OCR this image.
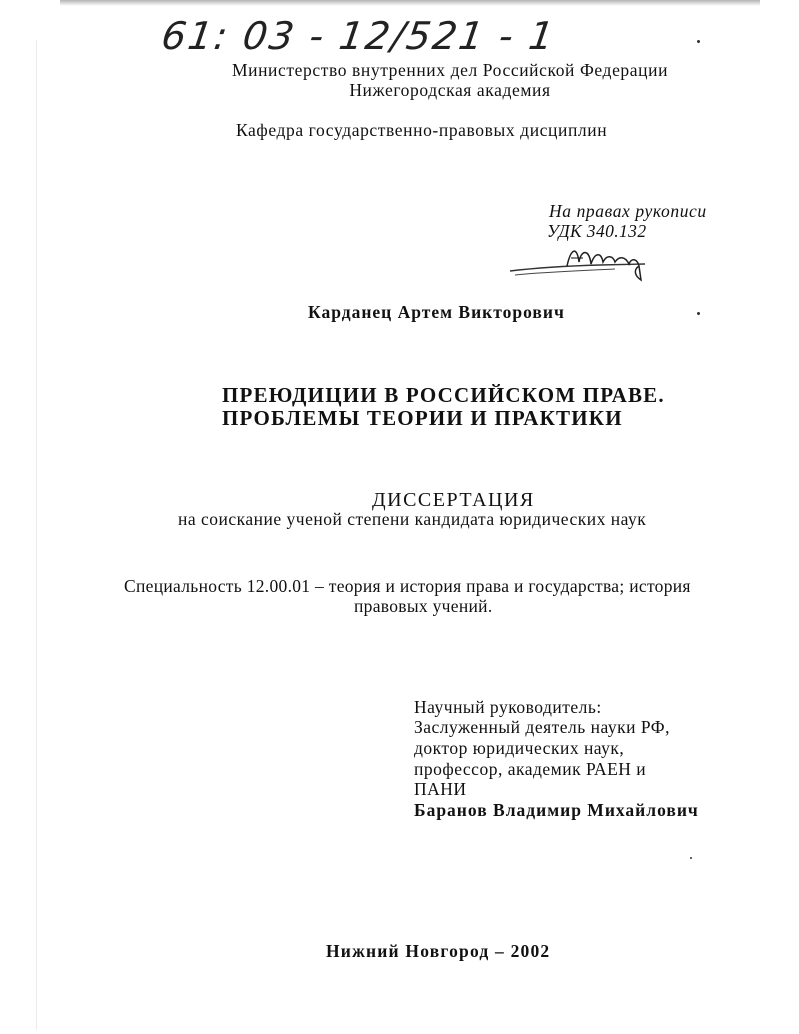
61: 03 - 12/521 - 1
Министерство внутренних дел Российской Федерации
Нижегородская академия
Кафедра государственно-правовых дисциплин
На правах рукописи
УДК 340.132
Карданец Артем Викторович
ПРЕЮДИЦИИ В РОССИЙСКОМ ПРАВЕ.
ПРОБЛЕМЫ ТЕОРИИ И ПРАКТИКИ
ДИССЕРТАЦИЯ
на соискание ученой степени кандидата юридических наук
Специальность 12.00.01 – теория и история права и государства; история
правовых учений.
Научный руководитель:
Заслуженный деятель науки РФ,
доктор юридических наук,
профессор, академик РАЕН и
ПАНИ
Баранов Владимир Михайлович
Нижний Новгород – 2002
